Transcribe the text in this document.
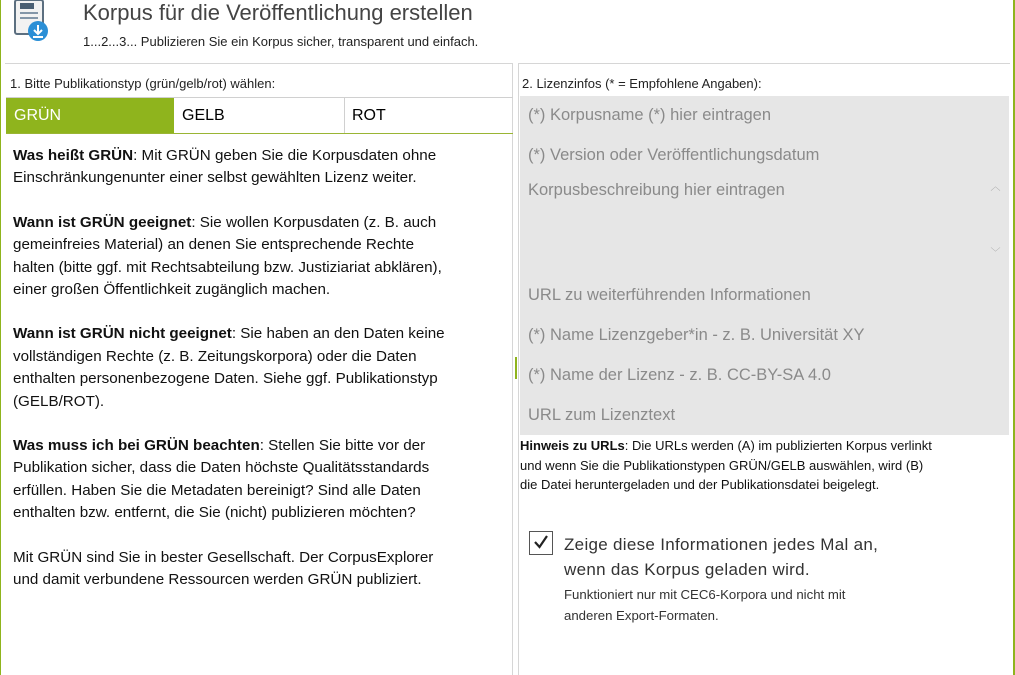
Korpus für die Veröffentlichung erstellen
1...2...3... Publizieren Sie ein Korpus sicher, transparent und einfach.
1. Bitte Publikationstyp (grün/gelb/rot) wählen:
GRÜN	GELB	ROT

Was heißt GRÜN: Mit GRÜN geben Sie die Korpusdaten ohne
Einschränkungenunter einer selbst gewählten Lizenz weiter.

Wann ist GRÜN geeignet: Sie wollen Korpusdaten (z. B. auch
gemeinfreies Material) an denen Sie entsprechende Rechte
halten (bitte ggf. mit Rechtsabteilung bzw. Justiziariat abklären),
einer großen Öffentlichkeit zugänglich machen.

Wann ist GRÜN nicht geeignet: Sie haben an den Daten keine
vollständigen Rechte (z. B. Zeitungskorpora) oder die Daten
enthalten personenbezogene Daten. Siehe ggf. Publikationstyp
(GELB/ROT).

Was muss ich bei GRÜN beachten: Stellen Sie bitte vor der
Publikation sicher, dass die Daten höchste Qualitätsstandards
erfüllen. Haben Sie die Metadaten bereinigt? Sind alle Daten
enthalten bzw. entfernt, die Sie (nicht) publizieren möchten?

Mit GRÜN sind Sie in bester Gesellschaft. Der CorpusExplorer
und damit verbundene Ressourcen werden GRÜN publiziert.

2. Lizenzinfos (* = Empfohlene Angaben):
(*) Korpusname (*) hier eintragen
(*) Version oder Veröffentlichungsdatum
Korpusbeschreibung hier eintragen	︿
﹀
URL zu weiterführenden Informationen
(*) Name Lizenzgeber*in - z. B. Universität XY
(*) Name der Lizenz - z. B. CC-BY-SA 4.0
URL zum Lizenztext
Hinweis zu URLs: Die URLs werden (A) im publizierten Korpus verlinkt
und wenn Sie die Publikationstypen GRÜN/GELB auswählen, wird (B)
die Datei heruntergeladen und der Publikationsdatei beigelegt.
Zeige diese Informationen jedes Mal an,
wenn das Korpus geladen wird.
Funktioniert nur mit CEC6-Korpora und nicht mit
anderen Export-Formaten.
